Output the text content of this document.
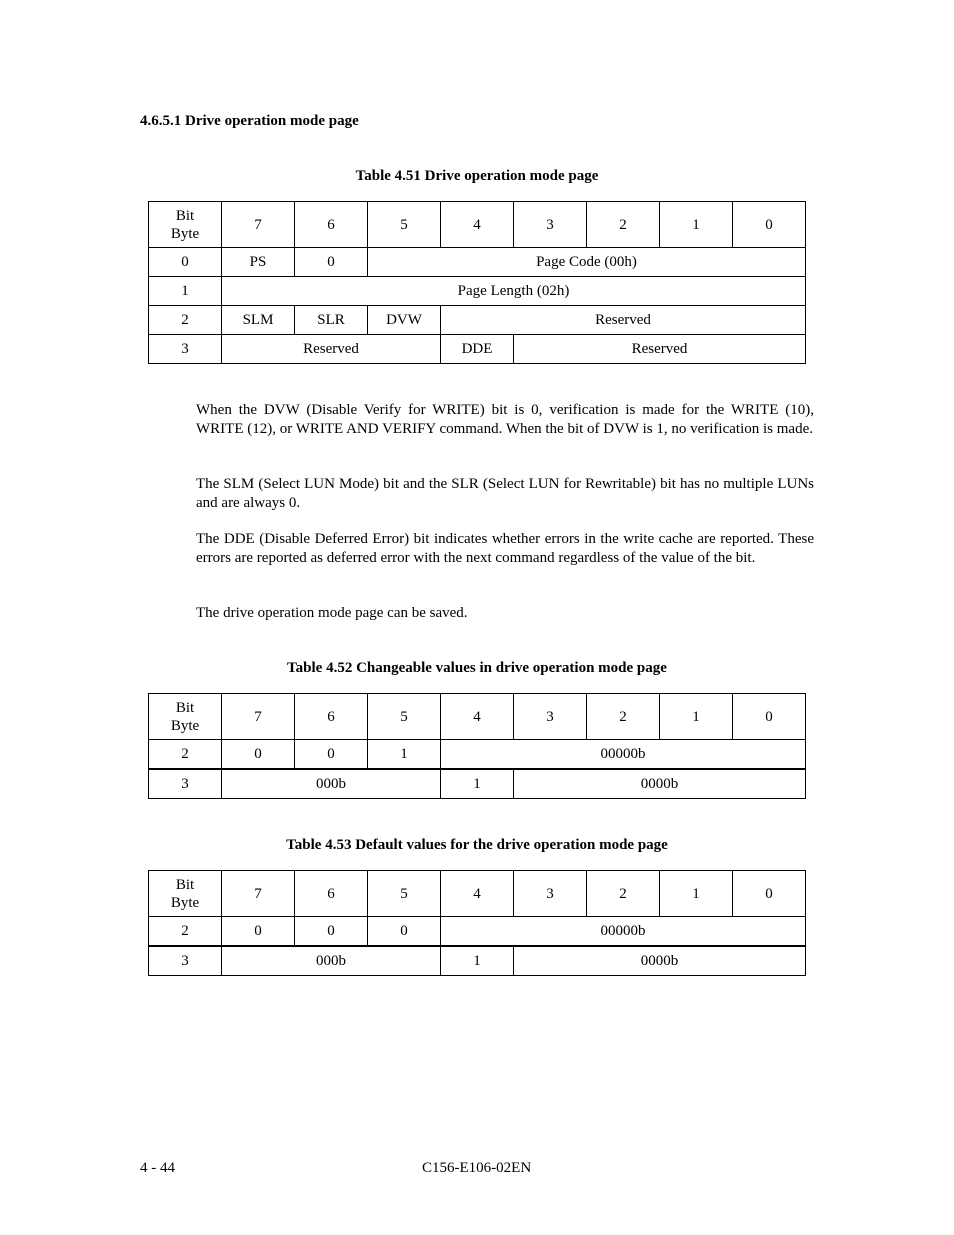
4.6.5.1 Drive operation mode page
Table 4.51 Drive operation mode page
Bit
Byte	7	6	5	4	3	2	1	0
0	PS	0	Page Code (00h)					
1	Page Length (02h)							
2	SLM	SLR	DVW	Reserved				
3	Reserved			DDE	Reserved			
When the DVW (Disable Verify for WRITE) bit is 0, verification is made for the WRITE (10), WRITE (12), or WRITE AND VERIFY command. When the bit of DVW is 1, no verification is made.
The SLM (Select LUN Mode) bit and the SLR (Select LUN for Rewritable) bit has no multiple LUNs and are always 0.
The DDE (Disable Deferred Error) bit indicates whether errors in the write cache are reported. These errors are reported as deferred error with the next command regardless of the value of the bit.
The drive operation mode page can be saved.
Table 4.52 Changeable values in drive operation mode page
Bit
Byte	7	6	5	4	3	2	1	0
2	0	0	1	00000b				
3	000b			1	0000b			
Table 4.53 Default values for the drive operation mode page
Bit
Byte	7	6	5	4	3	2	1	0
2	0	0	0	00000b				
3	000b			1	0000b			
4 - 44	C156-E106-02EN
